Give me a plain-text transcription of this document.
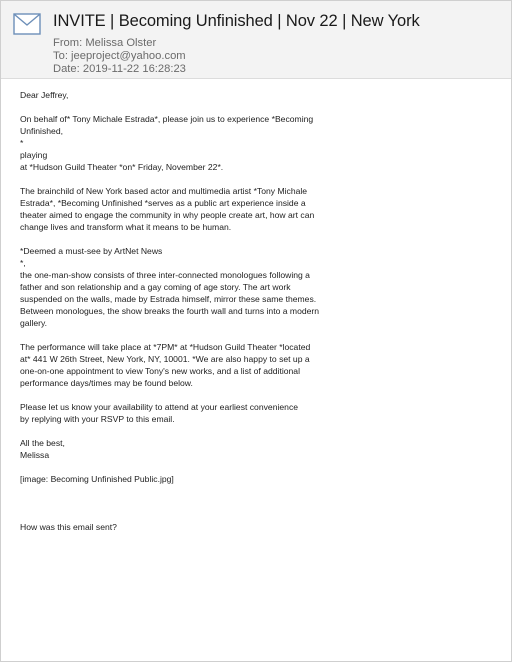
INVITE | Becoming Unfinished | Nov 22 | New York
From: Melissa Olster
To: jeeproject@yahoo.com
Date: 2019-11-22 16:28:23

Dear Jeffrey,

On behalf of* Tony Michale Estrada*, please join us to experience *Becoming
Unfinished,
*
playing
at *Hudson Guild Theater *on* Friday, November 22*.

The brainchild of New York based actor and multimedia artist *Tony Michale
Estrada*, *Becoming Unfinished *serves as a public art experience inside a
theater aimed to engage the community in why people create art, how art can
change lives and transform what it means to be human.

*Deemed a must-see by ArtNet News
*,
the one-man-show consists of three inter-connected monologues following a
father and son relationship and a gay coming of age story. The art work
suspended on the walls, made by Estrada himself, mirror these same themes.
Between monologues, the show breaks the fourth wall and turns into a modern
gallery.

The performance will take place at *7PM* at *Hudson Guild Theater *located
at* 441 W 26th Street, New York, NY, 10001. *We are also happy to set up a
one-on-one appointment to view Tony's new works, and a list of additional
performance days/times may be found below.

Please let us know your availability to attend at your earliest convenience
by replying with your RSVP to this email.

All the best,
Melissa

[image: Becoming Unfinished Public.jpg]

How was this email sent?
